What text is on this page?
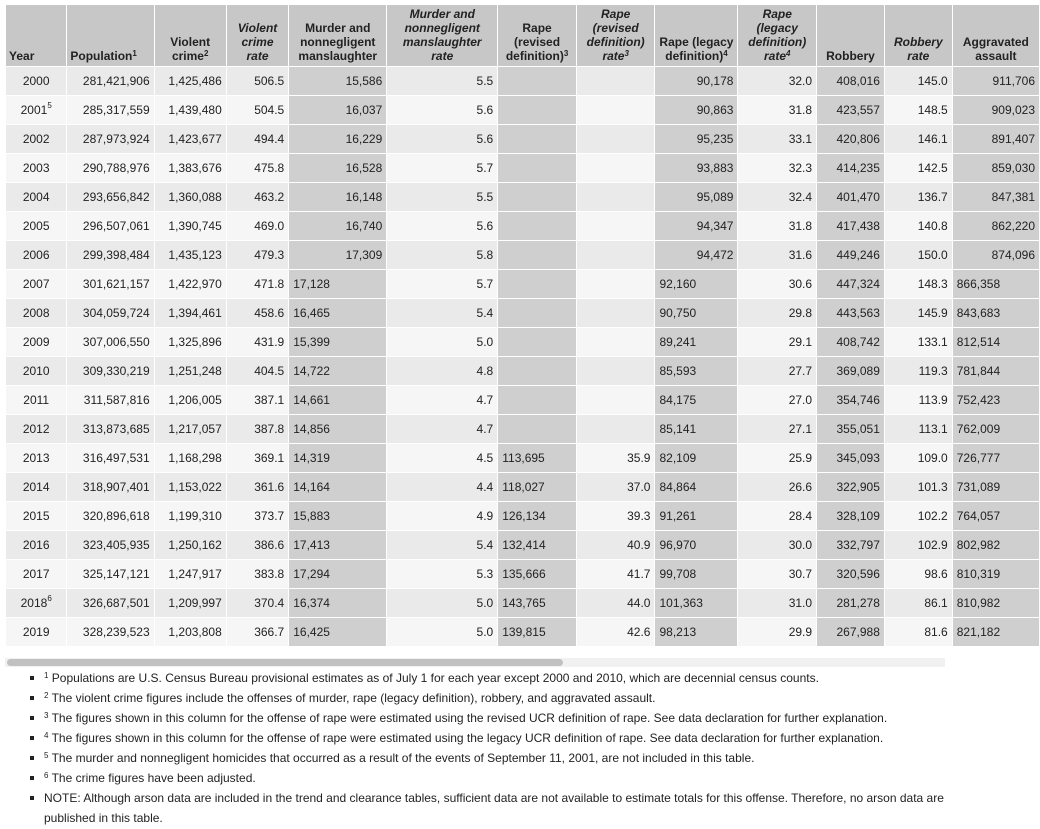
Year	Population$^1$	Violent crime$^2$	Violent crime rate	Murder and nonnegligent manslaughter	Murder and nonnegligent manslaughter rate	Rape (revised definition)$^3$	Rape (revised definition) rate$^3$	Rape (legacy definition)$^4$	Rape (legacy definition) rate$^4$	Robbery	Robbery rate	Aggravated assault
2000	281,421,906	1,425,486	506.5	15,586	5.5			90,178	32.0	408,016	145.0	911,706
2001$^5$	285,317,559	1,439,480	504.5	16,037	5.6			90,863	31.8	423,557	148.5	909,023
2002	287,973,924	1,423,677	494.4	16,229	5.6			95,235	33.1	420,806	146.1	891,407
2003	290,788,976	1,383,676	475.8	16,528	5.7			93,883	32.3	414,235	142.5	859,030
2004	293,656,842	1,360,088	463.2	16,148	5.5			95,089	32.4	401,470	136.7	847,381
2005	296,507,061	1,390,745	469.0	16,740	5.6			94,347	31.8	417,438	140.8	862,220
2006	299,398,484	1,435,123	479.3	17,309	5.8			94,472	31.6	449,246	150.0	874,096
2007	301,621,157	1,422,970	471.8	17,128	5.7			92,160	30.6	447,324	148.3	866,358
2008	304,059,724	1,394,461	458.6	16,465	5.4			90,750	29.8	443,563	145.9	843,683
2009	307,006,550	1,325,896	431.9	15,399	5.0			89,241	29.1	408,742	133.1	812,514
2010	309,330,219	1,251,248	404.5	14,722	4.8			85,593	27.7	369,089	119.3	781,844
2011	311,587,816	1,206,005	387.1	14,661	4.7			84,175	27.0	354,746	113.9	752,423
2012	313,873,685	1,217,057	387.8	14,856	4.7			85,141	27.1	355,051	113.1	762,009
2013	316,497,531	1,168,298	369.1	14,319	4.5	113,695	35.9	82,109	25.9	345,093	109.0	726,777
2014	318,907,401	1,153,022	361.6	14,164	4.4	118,027	37.0	84,864	26.6	322,905	101.3	731,089
2015	320,896,618	1,199,310	373.7	15,883	4.9	126,134	39.3	91,261	28.4	328,109	102.2	764,057
2016	323,405,935	1,250,162	386.6	17,413	5.4	132,414	40.9	96,970	30.0	332,797	102.9	802,982
2017	325,147,121	1,247,917	383.8	17,294	5.3	135,666	41.7	99,708	30.7	320,596	98.6	810,319
2018$^6$	326,687,501	1,209,997	370.4	16,374	5.0	143,765	44.0	101,363	31.0	281,278	86.1	810,982
2019	328,239,523	1,203,808	366.7	16,425	5.0	139,815	42.6	98,213	29.9	267,988	81.6	821,182
$^1$ Populations are U.S. Census Bureau provisional estimates as of July 1 for each year except 2000 and 2010, which are decennial census counts.
$^2$ The violent crime figures include the offenses of murder, rape (legacy definition), robbery, and aggravated assault.
$^3$ The figures shown in this column for the offense of rape were estimated using the revised UCR definition of rape. See data declaration for further explanation.
$^4$ The figures shown in this column for the offense of rape were estimated using the legacy UCR definition of rape. See data declaration for further explanation.
$^5$ The murder and nonnegligent homicides that occurred as a result of the events of September 11, 2001, are not included in this table.
$^6$ The crime figures have been adjusted.
NOTE: Although arson data are included in the trend and clearance tables, sufficient data are not available to estimate totals for this offense. Therefore, no arson data are published in this table.
